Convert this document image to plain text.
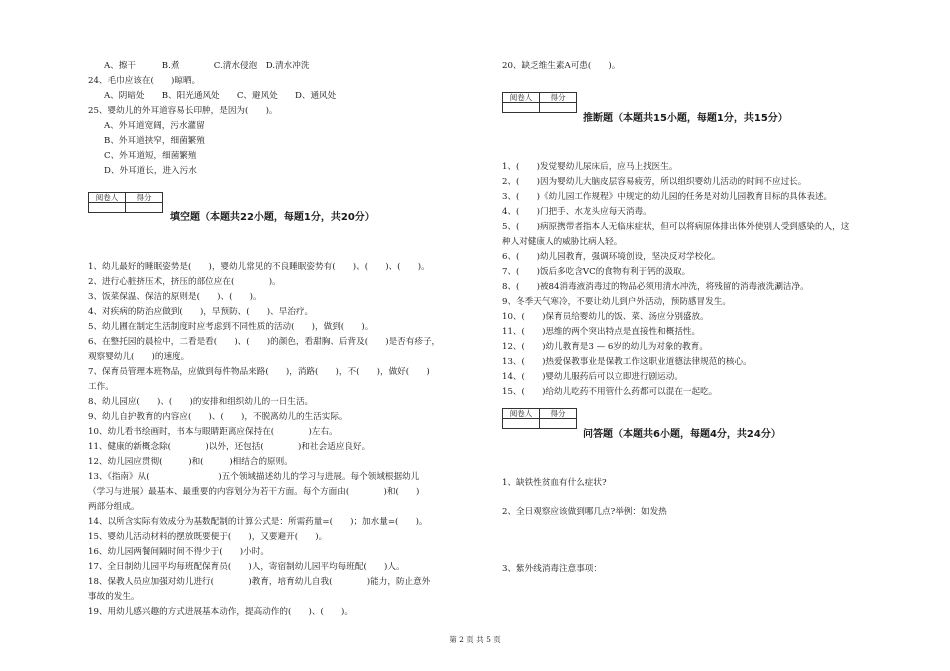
A、擦干　　　B.煮　　　　C.清水侵泡　D.清水冲洗
24、毛巾应该在(　　)晾晒。
A、阴暗处　　B、阳光通风处　　C、避风处　　D、通风处
25、婴幼儿的外耳道容易长印肿，是因为(　　)。
A、外耳道宽阔，污水灌留
B、外耳道挟窄，细菌繁殖
C、外耳道短，细菌繁殖
D、外耳道长，进入污水
阅卷人	得分

填空题（本题共22小题，每题1分，共20分）
1、幼儿最好的睡眠姿势是(　　)，婴幼儿常见的不良睡眠姿势有(　　)、(　　)、(　　)。
2、进行心脏挤压术，挤压的部位应在(　　　　)。
3、饭菜保温、保洁的原则是(　　)、(　　)。
4、对疾病的防治应做到(　　)，早预防、(　　)、早治疗。
5、幼儿圃在制定生活制度时应考虑到不同性质的活动(　　)，做到(　　)。
6、在整托园的晨检中，二看是看(　　)、(　　)的颜色，看甜胸、后背及(　　)是否有疹子，
观察婴幼儿(　　)的速度。
7、保育员管理本班物品，应做到每件物品来路(　　)，消路(　　)，不(　　)，做好(　　)
工作。
8、幼儿园应(　　)、(　　)的安排和组织幼儿的一日生活。
9、幼儿自护教育的内容应(　　)、(　　)，不脱离幼儿的生活实际。
10、幼儿看书绘画时，书本与眼睛距离应保持在(　　　　)左右。
11、健康的新概念除(　　　　)以外，还包括(　　　　)和社会适应良好。
12、幼儿园应贯彻(　　　)和(　　　)相结合的原则。
13、《指南》从(　　　　　　　　)五个领域描述幼儿的学习与进展。每个领域根据幼儿
（学习与进展）最基本、最重要的内容划分为若干方面。每个方面由(　　　　)和(　　)
两部分组成。
14、以所含实际有效成分为基数配制的计算公式是：所需药量=(　　)；加水量=(　　)。
15、婴幼儿活动材料的摆放既要便于(　　)，又要避开(　　)。
16、幼儿园两餐间隔时间不得少于(　　)小时。
17、全日制幼儿园平均每班配保育员(　　)人，寄宿制幼儿园平均每班配(　　)人。
18、保教人员应加强对幼儿进行(　　　　)教育，培育幼儿自我(　　　　)能力，防止意外
事故的发生。
19、用幼儿感兴趣的方式进展基本动作，提高动作的(　　)、(　　)。
20、缺乏维生素A可患(　　)。
阅卷人	得分

推断题（本题共15小题，每题1分，共15分）
1、(　　)发觉婴幼儿尿床后，应马上找医生。
2、(　　)因为婴幼儿大脑皮层容易疲劳，所以组织婴幼儿活动的时间不应过长。
3、(　　)《幼儿园工作规程》中规定的幼儿园的任务是对幼儿园教育目标的具体表述。
4、(　　)门把手、水龙头应每天消毒。
5、(　　)病原携带者指本人无临床症状，但可以将病原体排出体外使别人受到感染的人，这
种人对健康人的威胁比病人轻。
6、(　　)幼儿园教育，强调环境创设，坚决反对学校化。
7、(　　)饭后多吃含VC的食物有利于钙的汲取。
8、(　　)被84消毒液消毒过的物品必须用清水冲洗，将残留的消毒液洗涮洁净。
9、冬季天气寒冷，不要让幼儿到户外活动，预防感冒发生。
10、(　　)保育员给婴幼儿的饭、菜、汤应分别盛放。
11、(　　)思维的两个突出特点是直接性和概括性。
12、(　　)幼儿教育是3 — 6岁的幼儿为对象的教育。
13、(　　)热爱保教事业是保教工作这职业道德法律规范的核心。
14、(　　)婴幼儿服药后可以立即进行剧运动。
15、(　　)给幼儿吃药不用管什么药都可以混在一起吃。
阅卷人	得分

问答题（本题共6小题，每题4分，共24分）
1、缺铁性贫血有什么症状?
2、全日观察应该做到哪几点?举例：如发热
3、紫外线消毒注意事项：
第 2 页 共 5 页
